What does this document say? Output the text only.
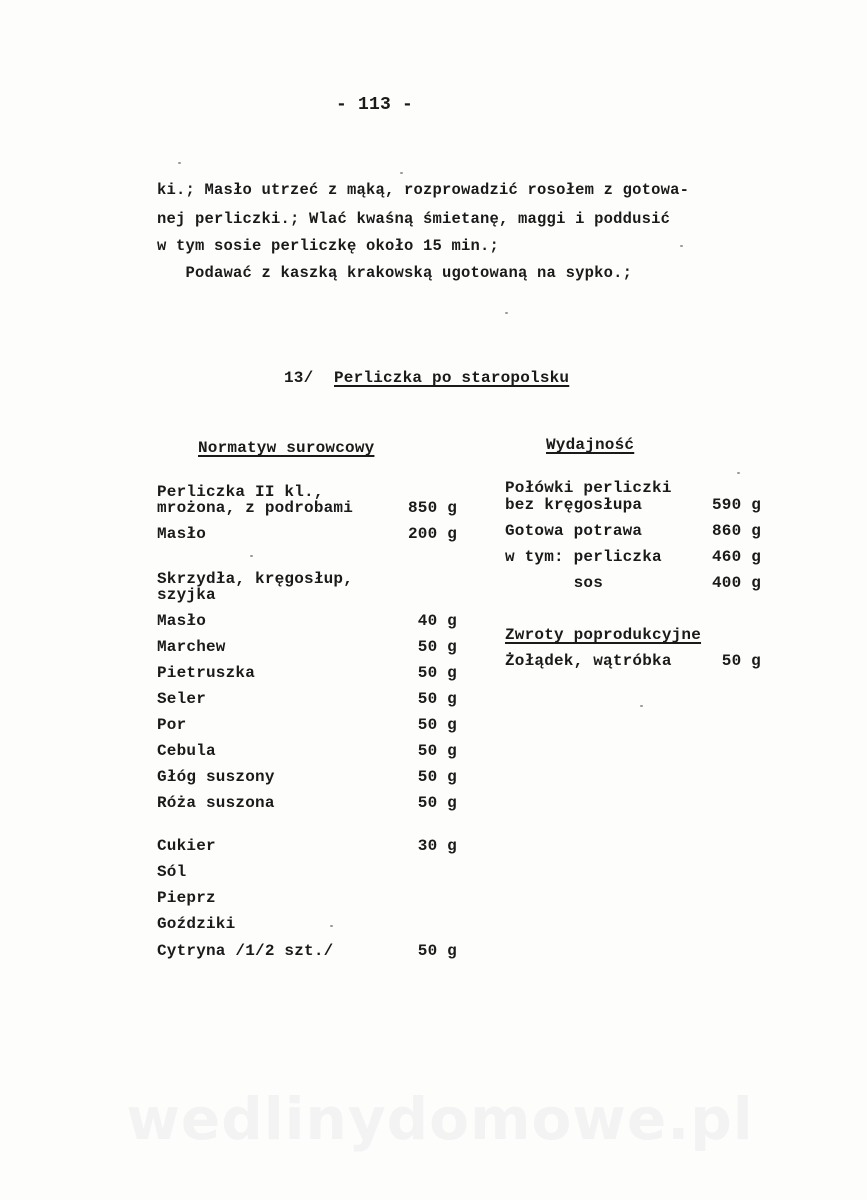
- 113 -
ki.; Masło utrzeć z mąką, rozprowadzić rosołem z gotowa-
nej perliczki.; Wlać kwaśną śmietanę, maggi i poddusić
w tym sosie perliczkę około 15 min.;
Podawać z kaszką krakowską ugotowaną na sypko.;
13/ Perliczka po staropolsku
Normatyw surowcowy
Perliczka II kl.,
mrożona, z podrobami	850 g
Masło	200 g
Skrzydła, kręgosłup,
szyjka
Masło	40 g
Marchew	50 g
Pietruszka	50 g
Seler	50 g
Por	50 g
Cebula	50 g
Głóg suszony	50 g
Róża suszona	50 g
Cukier	30 g
Sól
Pieprz
Goździki
Cytryna /1/2 szt./	50 g
Wydajność
Połówki perliczki
bez kręgosłupa	590 g
Gotowa potrawa	860 g
w tym: perliczka	460 g
sos	400 g
Zwroty poprodukcyjne
Żołądek, wątróbka	50 g
wedlinydomowe.pl
